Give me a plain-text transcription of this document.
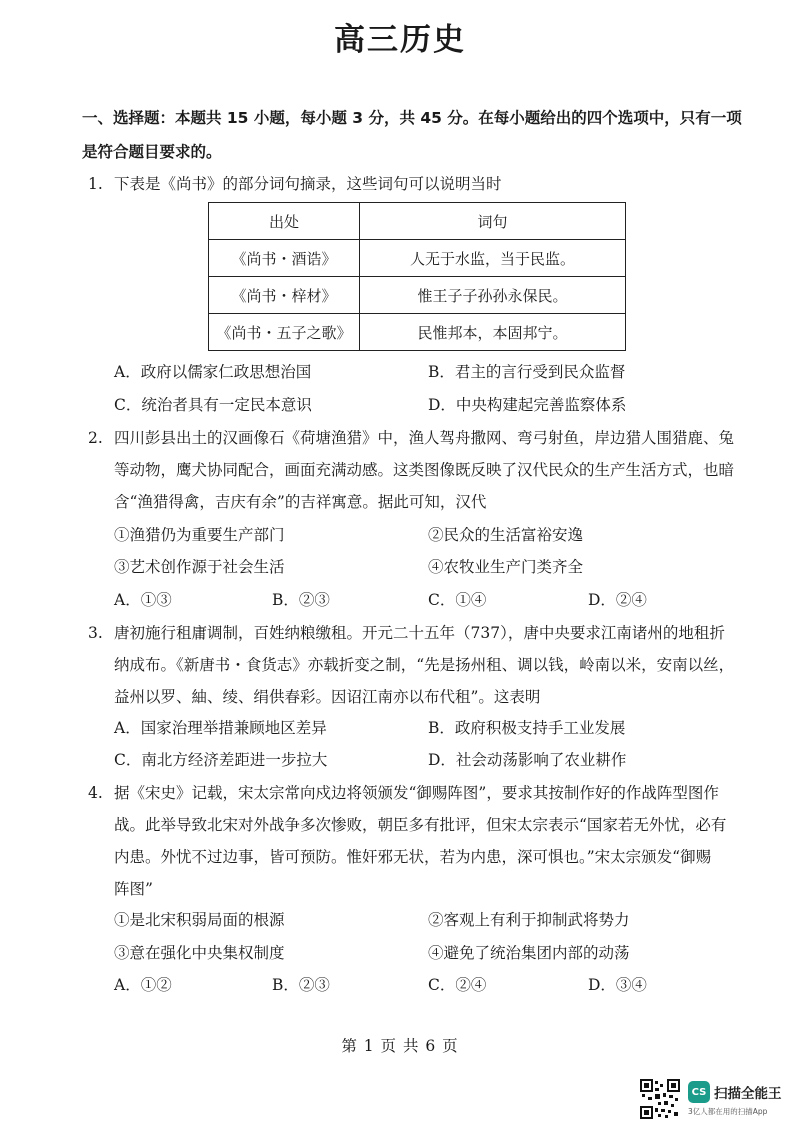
高三历史
一、选择题：本题共 15 小题，每小题 3 分，共 45 分。在每小题给出的四个选项中，只有一项是符合题目要求的。
1. 下表是《尚书》的部分词句摘录，这些词句可以说明当时
出处	词句
《尚书・酒诰》	人无于水监，当于民监。
《尚书・梓材》	惟王子子孙孙永保民。
《尚书・五子之歌》	民惟邦本，本固邦宁。
A．政府以儒家仁政思想治国	B．君主的言行受到民众监督
C．统治者具有一定民本意识	D．中央构建起完善监察体系
2. 四川彭县出土的汉画像石《荷塘渔猎》中，渔人驾舟撒网、弯弓射鱼，岸边猎人围猎鹿、兔
等动物，鹰犬协同配合，画面充满动感。这类图像既反映了汉代民众的生产生活方式，也暗
含“渔猎得禽，吉庆有余”的吉祥寓意。据此可知，汉代
①渔猎仍为重要生产部门	②民众的生活富裕安逸
③艺术创作源于社会生活	④农牧业生产门类齐全
A．①③	B．②③	C．①④	D．②④
3. 唐初施行租庸调制，百姓纳粮缴租。开元二十五年（737），唐中央要求江南诸州的地租折
纳成布。《新唐书・食货志》亦载折变之制，“先是扬州租、调以钱，岭南以米，安南以丝，
益州以罗、紬、绫、绢供春彩。因诏江南亦以布代租”。这表明
A．国家治理举措兼顾地区差异	B．政府积极支持手工业发展
C．南北方经济差距进一步拉大	D．社会动荡影响了农业耕作
4. 据《宋史》记载，宋太宗常向戍边将领颁发“御赐阵图”，要求其按制作好的作战阵型图作
战。此举导致北宋对外战争多次惨败，朝臣多有批评，但宋太宗表示“国家若无外忧，必有
内患。外忧不过边事，皆可预防。惟奸邪无状，若为内患，深可惧也。”宋太宗颁发“御赐
阵图”
①是北宋积弱局面的根源	②客观上有利于抑制武将势力
③意在强化中央集权制度	④避免了统治集团内部的动荡
A．①②	B．②③	C．②④	D．③④
第 1 页 共 6 页
CS 扫描全能王
3亿人都在用的扫描App
